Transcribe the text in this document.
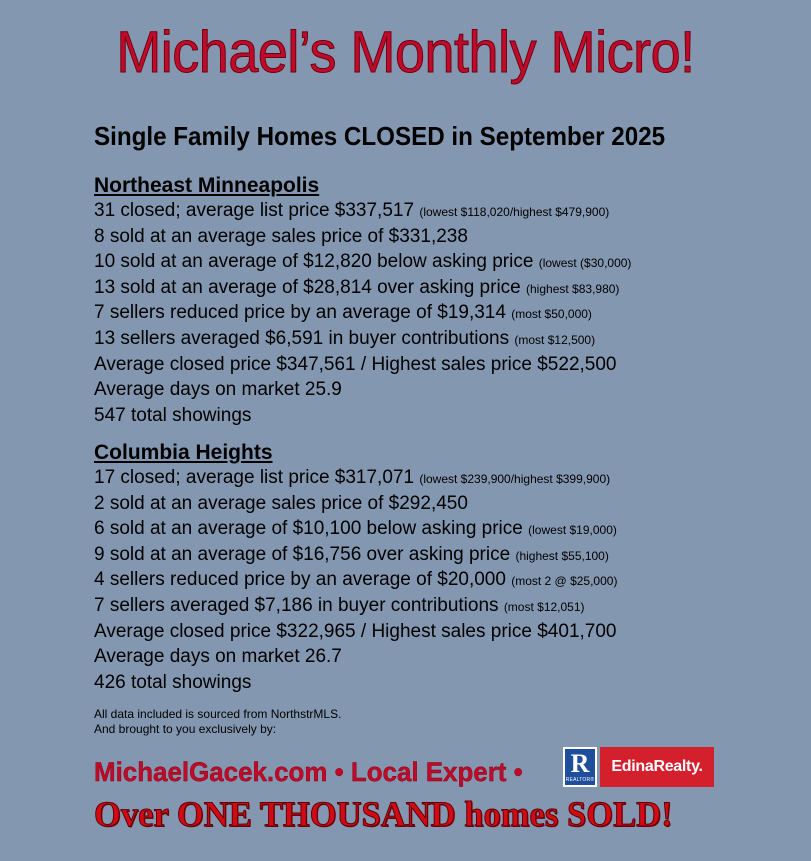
Michael’s Monthly Micro!
Single Family Homes CLOSED in September 2025
Northeast Minneapolis
31 closed; average list price $337,517 (lowest $118,020/highest $479,900)
8 sold at an average sales price of $331,238
10 sold at an average of $12,820 below asking price (lowest ($30,000)
13 sold at an average of $28,814 over asking price (highest $83,980)
7 sellers reduced price by an average of $19,314 (most $50,000)
13 sellers averaged $6,591 in buyer contributions (most $12,500)
Average closed price $347,561 / Highest sales price $522,500
Average days on market 25.9
547 total showings
Columbia Heights
17 closed; average list price $317,071 (lowest $239,900/highest $399,900)
2 sold at an average sales price of $292,450
6 sold at an average of $10,100 below asking price (lowest $19,000)
9 sold at an average of $16,756 over asking price (highest $55,100)
4 sellers reduced price by an average of $20,000 (most 2 @ $25,000)
7 sellers averaged $7,186 in buyer contributions (most $12,051)
Average closed price $322,965 / Highest sales price $401,700
Average days on market 26.7
426 total showings
All data included is sourced from NorthstrMLS.
And brought to you exclusively by:
MichaelGacek.com • Local Expert • R
REALTOR®
EdinaRealty.
Over ONE THOUSAND homes SOLD!
